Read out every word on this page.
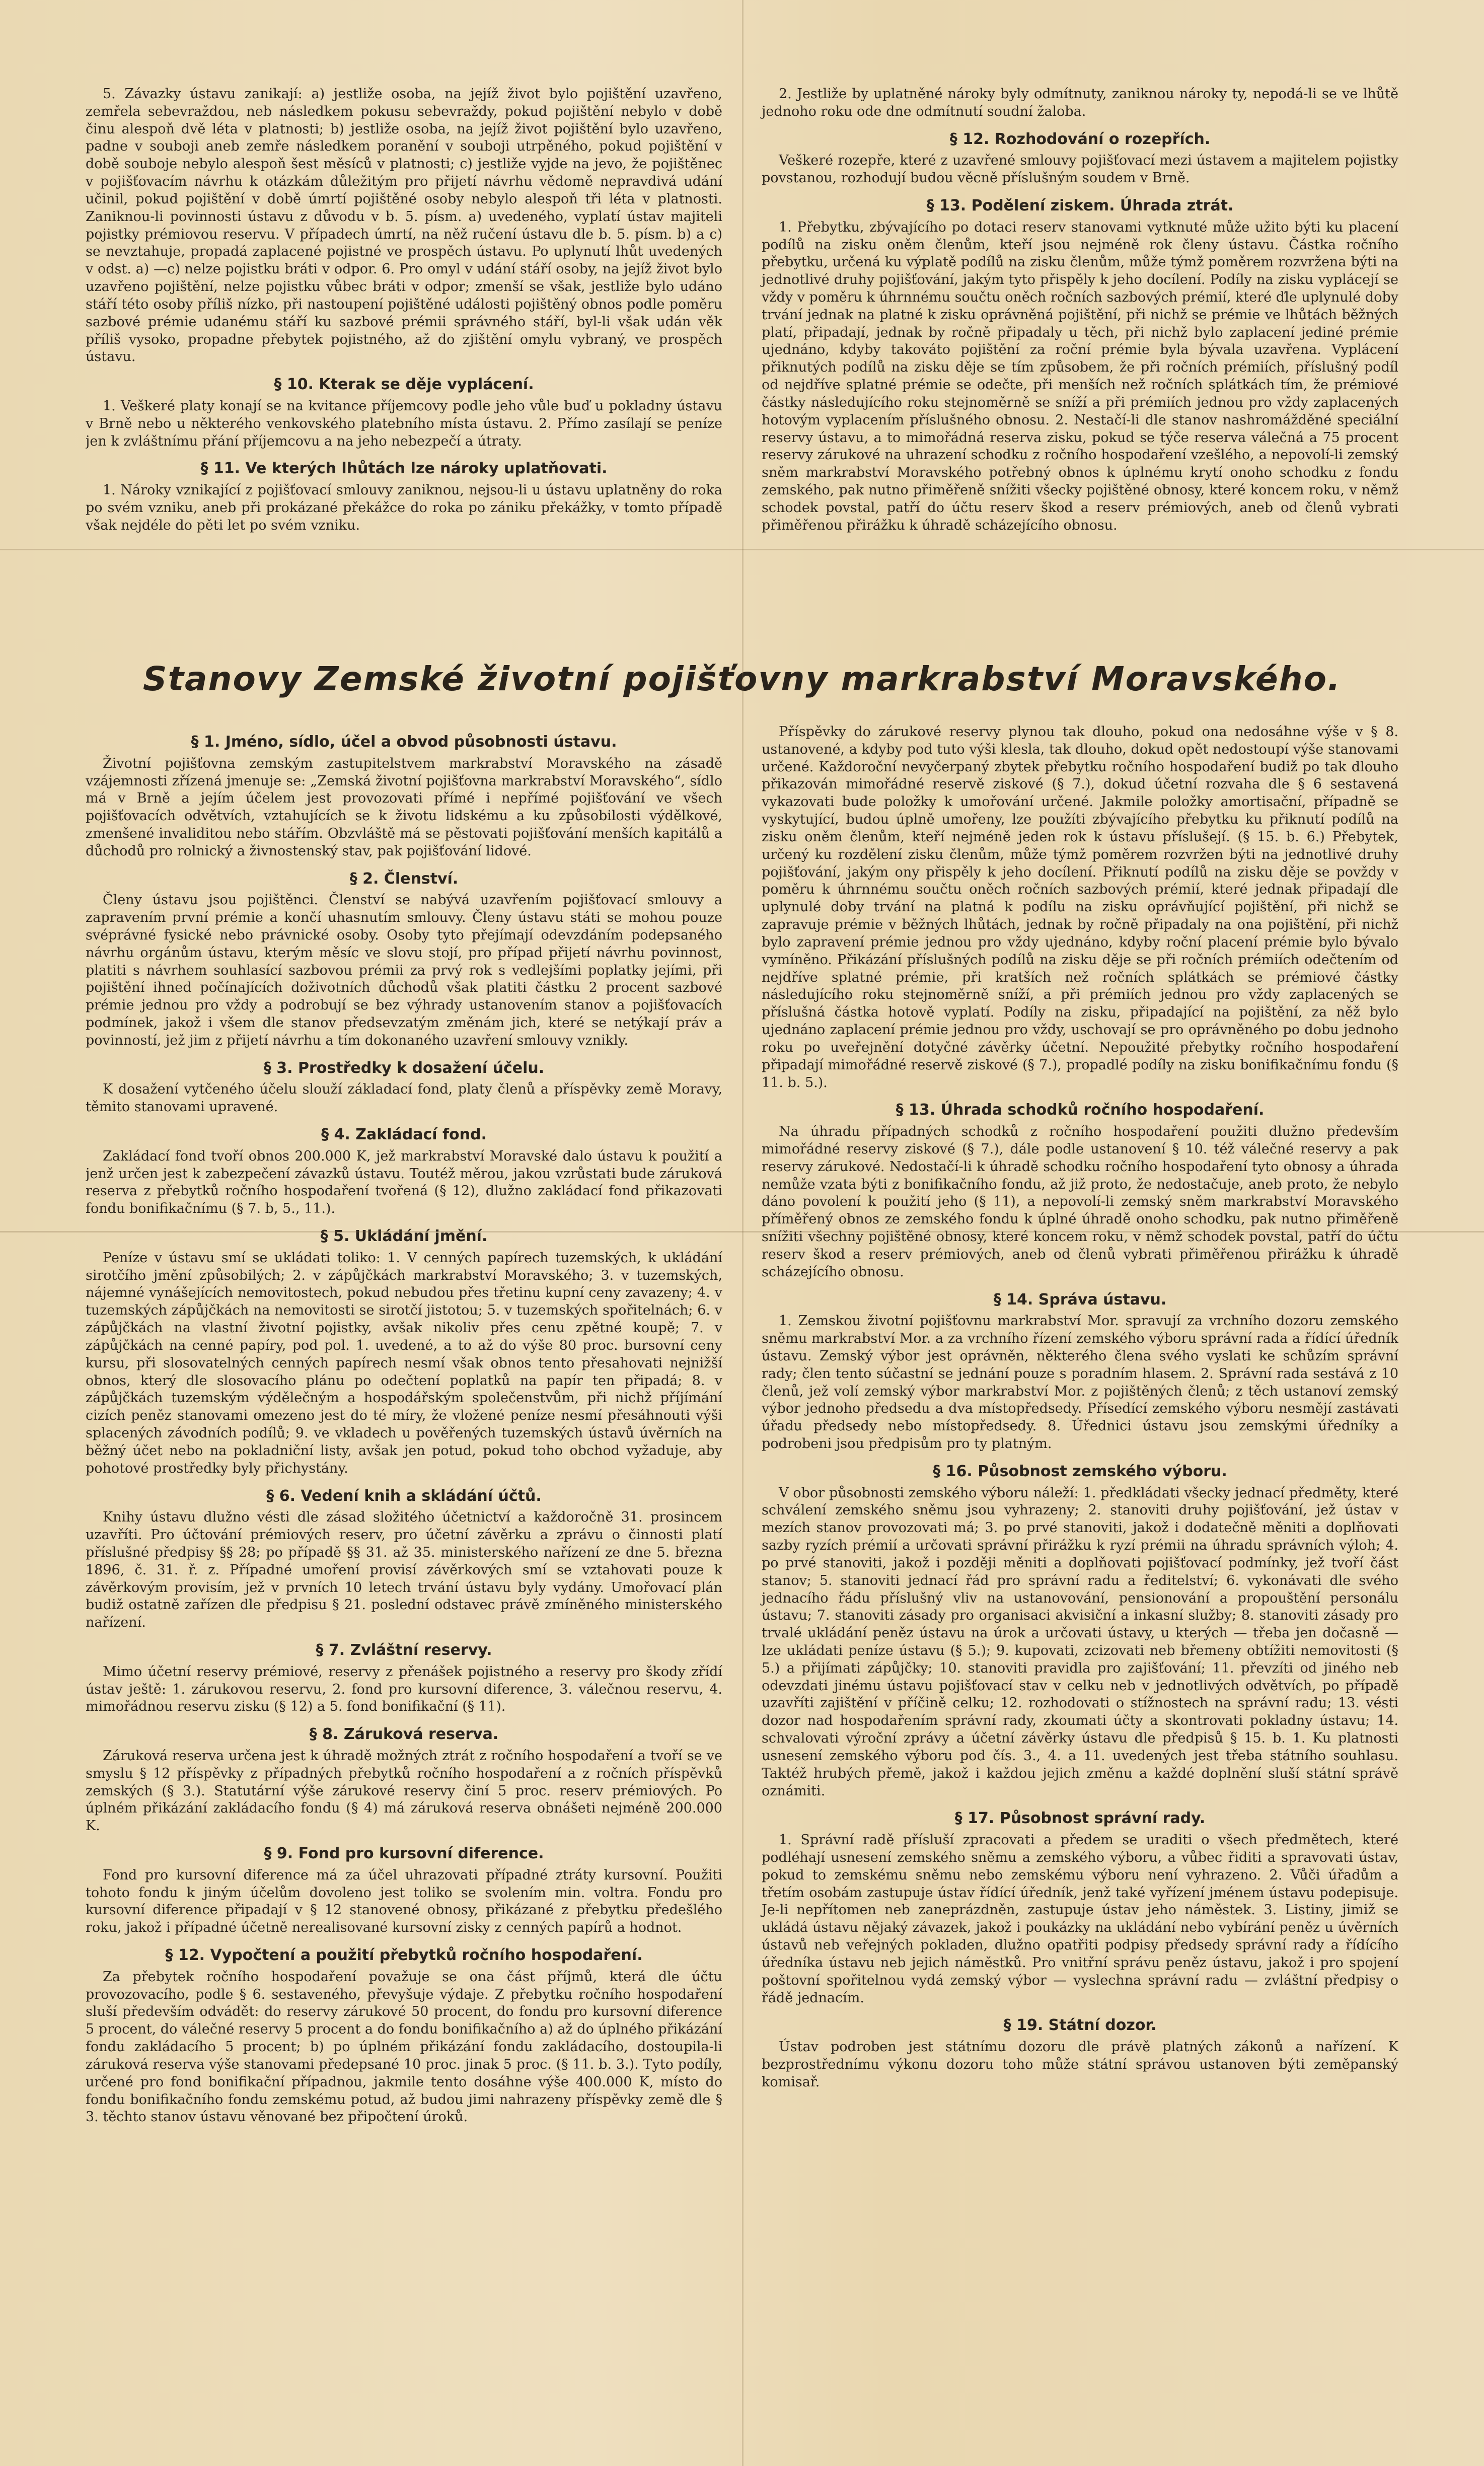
5. Závazky ústavu zanikají: a) jestliže osoba, na jejíž život bylo pojištění uzavřeno, zemřela sebevraždou, neb následkem pokusu sebevraždy, pokud pojištění nebylo v době činu alespoň dvě léta v platnosti; b) jestliže osoba, na jejíž život pojištění bylo uzavřeno, padne v souboji aneb zemře následkem poranění v souboji utrpěného, pokud pojištění v době souboje nebylo alespoň šest měsíců v platnosti; c) jestliže vyjde na jevo, že pojištěnec v pojišťovacím návrhu k otázkám důležitým pro přijetí návrhu vědomě nepravdivá udání učinil, pokud pojištění v době úmrtí pojištěné osoby nebylo alespoň tři léta v platnosti. Zaniknou-li povinnosti ústavu z důvodu v b. 5. písm. a) uvedeného, vyplatí ústav majiteli pojistky prémiovou reservu. V případech úmrtí, na něž ručení ústavu dle b. 5. písm. b) a c) se nevztahuje, propadá zaplacené pojistné ve prospěch ústavu. Po uplynutí lhůt uvedených v odst. a) —c) nelze pojistku bráti v odpor. 6. Pro omyl v udání stáří osoby, na jejíž život bylo uzavřeno pojištění, nelze pojistku vůbec bráti v odpor; zmenší se však, jestliže bylo udáno stáří této osoby příliš nízko, při nastoupení pojištěné události pojištěný obnos podle poměru sazbové prémie udanému stáří ku sazbové prémii správného stáří, byl-li však udán věk příliš vysoko, propadne přebytek pojistného, až do zjištění omylu vybraný, ve prospěch ústavu.

§ 10. Kterak se děje vyplácení.

1. Veškeré platy konají se na kvitance příjemcovy podle jeho vůle buď u pokladny ústavu v Brně nebo u některého venkovského platebního místa ústavu. 2. Přímo zasílají se peníze jen k zvláštnímu přání příjemcovu a na jeho nebezpečí a útraty.

§ 11. Ve kterých lhůtách lze nároky uplatňovati.

1. Nároky vznikající z pojišťovací smlouvy zaniknou, nejsou-li u ústavu uplatněny do roka po svém vzniku, aneb při prokázané překážce do roka po zániku překážky, v tomto případě však nejdéle do pěti let po svém vzniku.

2. Jestliže by uplatněné nároky byly odmítnuty, zaniknou nároky ty, nepodá-li se ve lhůtě jednoho roku ode dne odmítnutí soudní žaloba.

§ 12. Rozhodování o rozepřích.

Veškeré rozepře, které z uzavřené smlouvy pojišťovací mezi ústavem a majitelem pojistky povstanou, rozhodují budou věcně příslušným soudem v Brně.

§ 13. Podělení ziskem. Úhrada ztrát.

1. Přebytku, zbývajícího po dotaci reserv stanovami vytknuté může užito býti ku placení podílů na zisku oněm členům, kteří jsou nejméně rok členy ústavu. Částka ročního přebytku, určená ku výplatě podílů na zisku členům, může týmž poměrem rozvržena býti na jednotlivé druhy pojišťování, jakým tyto přispěly k jeho docílení. Podíly na zisku vyplácejí se vždy v poměru k úhrnnému součtu oněch ročních sazbových prémií, které ďle uplynulé doby trvání jednak na platné k zisku oprávněná pojištění, při nichž se prémie ve lhůtách běžných platí, připadají, jednak by ročně připadaly u těch, při nichž bylo zaplacení jediné prémie ujednáno, kdyby takováto pojištění za roční prémie byla bývala uzavřena. Vyplácení přiknutých podílů na zisku děje se tím způsobem, že při ročních prémiích, příslušný podíl od nejdříve splatné prémie se odečte, při menších než ročních splátkách tím, že prémiové částky následujícího roku stejnoměrně se sníží a při prémiích jednou pro vždy zaplacených hotovým vyplacením příslušného obnosu. 2. Nestačí-li dle stanov nashromážděné speciální reservy ústavu, a to mimořádná reserva zisku, pokud se týče reserva válečná a 75 procent reservy zárukové na uhrazení schodku z ročního hospodaření vzešlého, a nepovolí-li zemský sněm markrabství Moravského potřebný obnos k úplnému krytí onoho schodku z fondu zemského, pak nutno přiměřeně snížiti všecky pojištěné obnosy, které koncem roku, v němž schodek povstal, patří do účtu reserv škod a reserv prémiových, aneb od členů vybrati přiměřenou přirážku k úhradě scházejícího obnosu.

Stanovy Zemské životní pojišťovny markrabství Moravského.
§ 1. Jméno, sídlo, účel a obvod působnosti ústavu.

Životní pojišťovna zemským zastupitelstvem markrabství Moravského na zásadě vzájemnosti zřízená jmenuje se: „Zemská životní pojišťovna markrabství Moravského“, sídlo má v Brně a jejím účelem jest provozovati přímé i nepřímé pojišťování ve všech pojišťovacích odvětvích, vztahujících se k životu lidskému a ku způsobilosti výdělkové, zmenšené invaliditou nebo stářím. Obzvláště má se pěstovati pojišťování menších kapitálů a důchodů pro rolnický a živnostenský stav, pak pojišťování lidové.

§ 2. Členství.

Členy ústavu jsou pojištěnci. Členství se nabývá uzavřením pojišťovací smlouvy a zapravením první prémie a končí uhasnutím smlouvy. Členy ústavu státi se mohou pouze svéprávné fysické nebo právnické osoby. Osoby tyto přejímají odevzdáním podepsaného návrhu orgánům ústavu, kterým měsíc ve slovu stojí, pro případ přijetí návrhu povinnost, platiti s návrhem souhlasící sazbovou prémii za prvý rok s vedlejšími poplatky jejími, při pojištění ihned počínajících doživotních důchodů však platiti částku 2 procent sazbové prémie jednou pro vždy a podrobují se bez výhrady ustanovením stanov a pojišťovacích podmínek, jakož i všem dle stanov předsevzatým změnám jich, které se netýkají práv a povinností, jež jim z přijetí návrhu a tím dokonaného uzavření smlouvy vznikly.

§ 3. Prostředky k dosažení účelu.

K dosažení vytčeného účelu slouží základací fond, platy členů a příspěvky země Moravy, těmito stanovami upravené.

§ 4. Zakládací fond.

Zakládací fond tvoří obnos 200.000 K, jež markrabství Moravské dalo ústavu k použití a jenž určen jest k zabezpečení závazků ústavu. Toutéž měrou, jakou vzrůstati bude záruková reserva z přebytků ročního hospodaření tvořená (§ 12), dlužno zakládací fond přikazovati fondu bonifikačnímu (§ 7. b, 5., 11.).

§ 5. Ukládání jmění.

Peníze v ústavu smí se ukládati toliko: 1. V cenných papírech tuzemských, k ukládání sirotčího jmění způsobilých; 2. v zápůjčkách markrabství Moravského; 3. v tuzemských, nájemné vynášejících nemovitostech, pokud nebudou přes třetinu kupní ceny zavazeny; 4. v tuzemských zápůjčkách na nemovitosti se sirotčí jistotou; 5. v tuzemských spořitelnách; 6. v zápůjčkách na vlastní životní pojistky, avšak nikoliv přes cenu zpětné koupě; 7. v zápůjčkách na cenné papíry, pod pol. 1. uvedené, a to až do výše 80 proc. bursovní ceny kursu, při slosovatelných cenných papírech nesmí však obnos tento přesahovati nejnižší obnos, který dle slosovacího plánu po odečtení poplatků na papír ten připadá; 8. v zápůjčkách tuzemským výdělečným a hospodářským společenstvům, při nichž příjímání cizích peněz stanovami omezeno jest do té míry, že vložené peníze nesmí přesáhnouti výši splacených závodních podílů; 9. ve vkladech u pověřených tuzemských ústavů úvěrních na běžný účet nebo na pokladniční listy, avšak jen potud, pokud toho obchod vyžaduje, aby pohotové prostředky byly přichystány.

§ 6. Vedení knih a skládání účtů.

Knihy ústavu dlužno vésti dle zásad složitého účetnictví a každoročně 31. prosincem uzavříti. Pro účtování prémiových reserv, pro účetní závěrku a zprávu o činnosti platí příslušné předpisy §§ 28; po případě §§ 31. až 35. ministerského nařízení ze dne 5. března 1896, č. 31. ř. z. Případné umoření provisí závěrkových smí se vztahovati pouze k závěrkovým provisím, jež v prvních 10 letech trvání ústavu byly vydány. Umořovací plán budiž ostatně zařízen dle předpisu § 21. poslední odstavec právě zmíněného ministerského nařízení.

§ 7. Zvláštní reservy.

Mimo účetní reservy prémiové, reservy z přenášek pojistného a reservy pro škody zřídí ústav ještě: 1. zárukovou reservu, 2. fond pro kursovní diference, 3. válečnou reservu, 4. mimořádnou reservu zisku (§ 12) a 5. fond bonifikační (§ 11).

§ 8. Záruková reserva.

Záruková reserva určena jest k úhradě možných ztrát z ročního hospodaření a tvoří se ve smyslu § 12 příspěvky z případných přebytků ročního hospodaření a z ročních příspěvků zemských (§ 3.). Statutární výše zárukové reservy činí 5 proc. reserv prémiových. Po úplném přikázání zakládacího fondu (§ 4) má záruková reserva obnášeti nejméně 200.000 K.

§ 9. Fond pro kursovní diference.

Fond pro kursovní diference má za účel uhrazovati případné ztráty kursovní. Použiti tohoto fondu k jiným účelům dovoleno jest toliko se svolením min. voltra. Fondu pro kursovní diference připadají v § 12 stanovené obnosy, přikázané z přebytku předešlého roku, jakož i případné účetně nerealisované kursovní zisky z cenných papírů a hodnot.

§ 12. Vypočtení a použití přebytků ročního hospodaření.

Za přebytek ročního hospodaření považuje se ona část příjmů, která dle účtu provozovacího, podle § 6. sestaveného, převyšuje výdaje. Z přebytku ročního hospodaření sluší především odvádět: do reservy zárukové 50 procent, do fondu pro kursovní diference 5 procent, do válečné reservy 5 procent a do fondu bonifikačního a) až do úplného přikázání fondu zakládacího 5 procent; b) po úplném přikázání fondu zakládacího, dostoupila-li záruková reserva výše stanovami předepsané 10 proc. jinak 5 proc. (§ 11. b. 3.). Tyto podíly, určené pro fond bonifikační případnou, jakmile tento dosáhne výše 400.000 K, místo do fondu bonifikačního fondu zemskému potud, až budou jimi nahrazeny příspěvky země dle § 3. těchto stanov ústavu věnované bez připočtení úroků.

Příspěvky do zárukové reservy plynou tak dlouho, pokud ona nedosáhne výše v § 8. ustanovené, a kdyby pod tuto výši klesla, tak dlouho, dokud opět nedostoupí výše stanovami určené. Každoroční nevyčerpaný zbytek přebytku ročního hospodaření budiž po tak dlouho přikazován mimořádné reservě ziskové (§ 7.), dokud účetní rozvaha dle § 6 sestavená vykazovati bude položky k umořování určené. Jakmile položky amortisační, případně se vyskytující, budou úplně umořeny, lze použíti zbývajícího přebytku ku přiknutí podílů na zisku oněm členům, kteří nejméně jeden rok k ústavu příslušejí. (§ 15. b. 6.) Přebytek, určený ku rozdělení zisku členům, může týmž poměrem rozvržen býti na jednotlivé druhy pojišťování, jakým ony přispěly k jeho docílení. Přiknutí podílů na zisku děje se povždy v poměru k úhrnnému součtu oněch ročních sazbových prémií, které jednak připadají dle uplynulé doby trvání na platná k podílu na zisku oprávňující pojištění, při nichž se zapravuje prémie v běžných lhůtách, jednak by ročně připadaly na ona pojištění, při nichž bylo zapravení prémie jednou pro vždy ujednáno, kdyby roční placení prémie bylo bývalo vymíněno. Přikázání příslušných podílů na zisku děje se při ročních prémiích odečtením od nejdříve splatné prémie, při kratších než ročních splátkách se prémiové částky následujícího roku stejnoměrně sníží, a při prémiích jednou pro vždy zaplacených se příslušná částka hotově vyplatí. Podíly na zisku, připadající na pojištění, za něž bylo ujednáno zaplacení prémie jednou pro vždy, uschovají se pro oprávněného po dobu jednoho roku po uveřejnění dotyčné závěrky účetní. Nepoužité přebytky ročního hospodaření připadají mimořádné reservě ziskové (§ 7.), propadlé podíly na zisku bonifikačnímu fondu (§ 11. b. 5.).

§ 13. Úhrada schodků ročního hospodaření.

Na úhradu případných schodků z ročního hospodaření použiti dlužno především mimořádné reservy ziskové (§ 7.), dále podle ustanovení § 10. též válečné reservy a pak reservy zárukové. Nedostačí-li k úhradě schodku ročního hospodaření tyto obnosy a úhrada nemůže vzata býti z bonifikačního fondu, až již proto, že nedostačuje, aneb proto, že nebylo dáno povolení k použití jeho (§ 11), a nepovolí-li zemský sněm markrabství Moravského příměřený obnos ze zemského fondu k úplné úhradě onoho schodku, pak nutno přiměřeně snížiti všechny pojištěné obnosy, které koncem roku, v němž schodek povstal, patří do účtu reserv škod a reserv prémiových, aneb od členů vybrati přiměřenou přirážku k úhradě scházejícího obnosu.

§ 14. Správa ústavu.

1. Zemskou životní pojišťovnu markrabství Mor. spravují za vrchního dozoru zemského sněmu markrabství Mor. a za vrchního řízení zemského výboru správní rada a řídící úředník ústavu. Zemský výbor jest oprávněn, některého člena svého vyslati ke schůzím správní rady; člen tento súčastní se jednání pouze s poradním hlasem. 2. Správní rada sestává z 10 členů, jež volí zemský výbor markrabství Mor. z pojištěných členů; z těch ustanoví zemský výbor jednoho předsedu a dva místopředsedy. Přísedící zemského výboru nesmějí zastávati úřadu předsedy nebo místopředsedy. 8. Úřednici ústavu jsou zemskými úředníky a podrobeni jsou předpisům pro ty platným.

§ 16. Působnost zemského výboru.

V obor působnosti zemského výboru náleží: 1. předkládati všecky jednací předměty, které schválení zemského sněmu jsou vyhrazeny; 2. stanoviti druhy pojišťování, jež ústav v mezích stanov provozovati má; 3. po prvé stanoviti, jakož i dodatečně měniti a doplňovati sazby ryzích prémií a určovati správní přirážku k ryzí prémii na úhradu správních výloh; 4. po prvé stanoviti, jakož i později měniti a doplňovati pojišťovací podmínky, jež tvoří část stanov; 5. stanoviti jednací řád pro správní radu a ředitelství; 6. vykonávati dle svého jednacího řádu příslušný vliv na ustanovování, pensionování a propouštění personálu ústavu; 7. stanoviti zásady pro organisaci akvisiční a inkasní služby; 8. stanoviti zásady pro trvalé ukládání peněz ústavu na úrok a určovati ústavy, u kterých — třeba jen dočasně — lze ukládati peníze ústavu (§ 5.); 9. kupovati, zcizovati neb břemeny obtížiti nemovitosti (§ 5.) a přijímati zápůjčky; 10. stanoviti pravidla pro zajišťování; 11. převzíti od jiného neb odevzdati jinému ústavu pojišťovací stav v celku neb v jednotlivých odvětvích, po případě uzavříti zajištění v příčině celku; 12. rozhodovati o stížnostech na správní radu; 13. vésti dozor nad hospodařením správní rady, zkoumati účty a skontrovati pokladny ústavu; 14. schvalovati výroční zprávy a účetní závěrky ústavu dle předpisů § 15. b. 1. Ku platnosti usnesení zemského výboru pod čís. 3., 4. a 11. uvedených jest třeba státního souhlasu. Taktéž hrubých přemě, jakož i každou jejich změnu a každé doplnění sluší státní správě oznámiti.

§ 17. Působnost správní rady.

1. Správní radě přísluší zpracovati a předem se uraditi o všech předmětech, které podléhají usnesení zemského sněmu a zemského výboru, a vůbec řiditi a spravovati ústav, pokud to zemskému sněmu nebo zemskému výboru není vyhrazeno. 2. Vůči úřadům a třetím osobám zastupuje ústav řídící úředník, jenž také vyřízení jménem ústavu podepisuje. Je-li nepřítomen neb zaneprázdněn, zastupuje ústav jeho náměstek. 3. Listiny, jimiž se ukládá ústavu nějaký závazek, jakož i poukázky na ukládání nebo vybírání peněz u úvěrních ústavů neb veřejných pokladen, dlužno opatřiti podpisy předsedy správní rady a řídícího úředníka ústavu neb jejich náměstků. Pro vnitřní správu peněz ústavu, jakož i pro spojení poštovní spořitelnou vydá zemský výbor — vyslechna správní radu — zvláštní předpisy o řádě jednacím.

§ 19. Státní dozor.

Ústav podroben jest státnímu dozoru dle právě platných zákonů a nařízení. K bezprostřednímu výkonu dozoru toho může státní správou ustanoven býti zeměpanský komisař.
